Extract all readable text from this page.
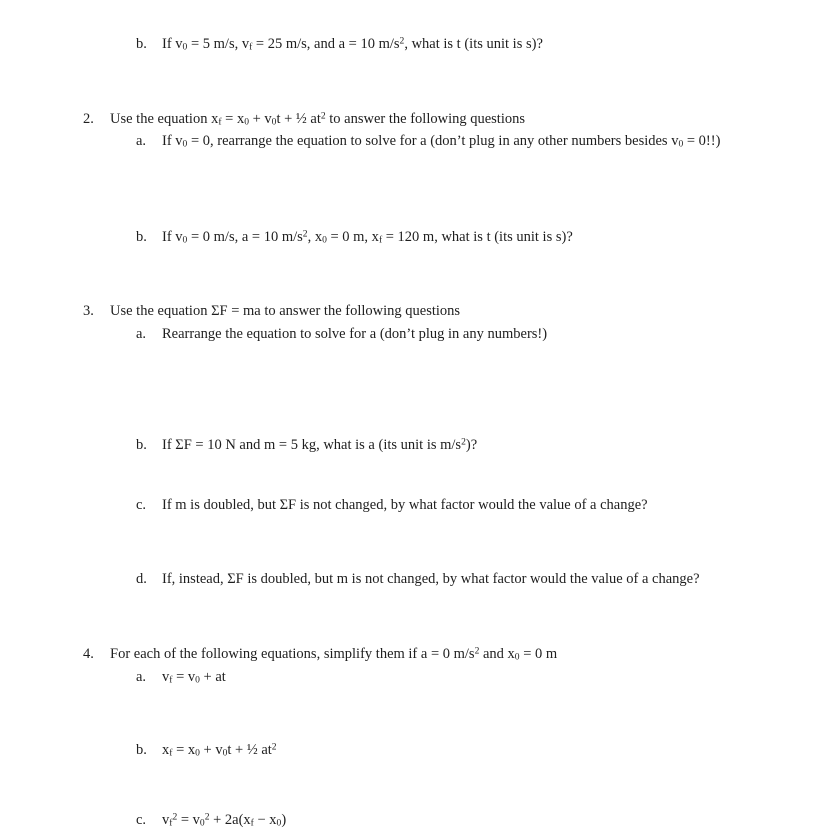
b. If $v_0 = 5$ m/s, $v_f = 25$ m/s, and a = 10 $m/s^2$, what is t (its unit is s)?
2. Use the equation $x_f = x_0 + v_0t$ + ½ $at^2$ to answer the following questions
a. If $v_0 = 0$, rearrange the equation to solve for a (don’t plug in any other numbers besides $v_0 = 0$!!)
b. If $v_0 = 0$ m/s, a = 10 $m/s^2$, $x_0 = 0$ m, $x_f = 120$ m, what is t (its unit is s)?
3. Use the equation ΣF = ma to answer the following questions
a. Rearrange the equation to solve for a (don’t plug in any numbers!)
b. If ΣF = 10 N and m = 5 kg, what is a (its unit is $m/s^2$)?
c. If m is doubled, but ΣF is not changed, by what factor would the value of a change?
d. If, instead, ΣF is doubled, but m is not changed, by what factor would the value of a change?
4. For each of the following equations, simplify them if a = 0 $m/s^2$ and $x_0 = 0$ m
a. $v_f = v_0$ + at
b. $x_f = x_0 + v_0t$ + ½ $at^2$
c. $v_f^2 = v_0^2 + 2a(x_f - x_0)$
